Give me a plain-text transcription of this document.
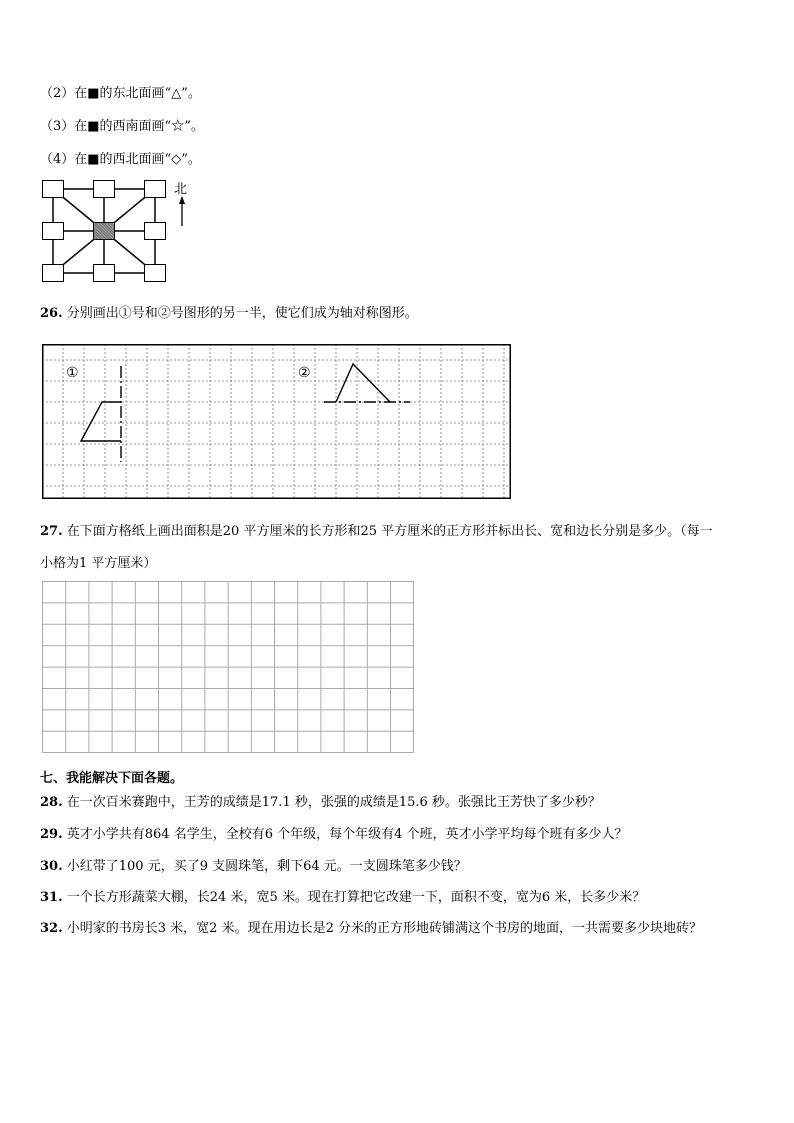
（2）在■的东北面画“△”。
（3）在■的西南面画“☆”。
（4）在■的西北面画“◇”。
北
26. 分别画出①号和②号图形的另一半，使它们成为轴对称图形。
①	②
27. 在下面方格纸上画出面积是20 平方厘米的长方形和25 平方厘米的正方形并标出长、宽和边长分别是多少。（每一
小格为1 平方厘米）
七、我能解决下面各题。
28. 在一次百米赛跑中，王芳的成绩是17.1 秒，张强的成绩是15.6 秒。张强比王芳快了多少秒？
29. 英才小学共有864 名学生，全校有6 个年级，每个年级有4 个班，英才小学平均每个班有多少人？
30. 小红带了100 元，买了9 支圆珠笔，剩下64 元。一支圆珠笔多少钱？
31. 一个长方形蔬菜大棚，长24 米，宽5 米。现在打算把它改建一下，面积不变，宽为6 米，长多少米？
32. 小明家的书房长3 米，宽2 米。现在用边长是2 分米的正方形地砖铺满这个书房的地面，一共需要多少块地砖？
